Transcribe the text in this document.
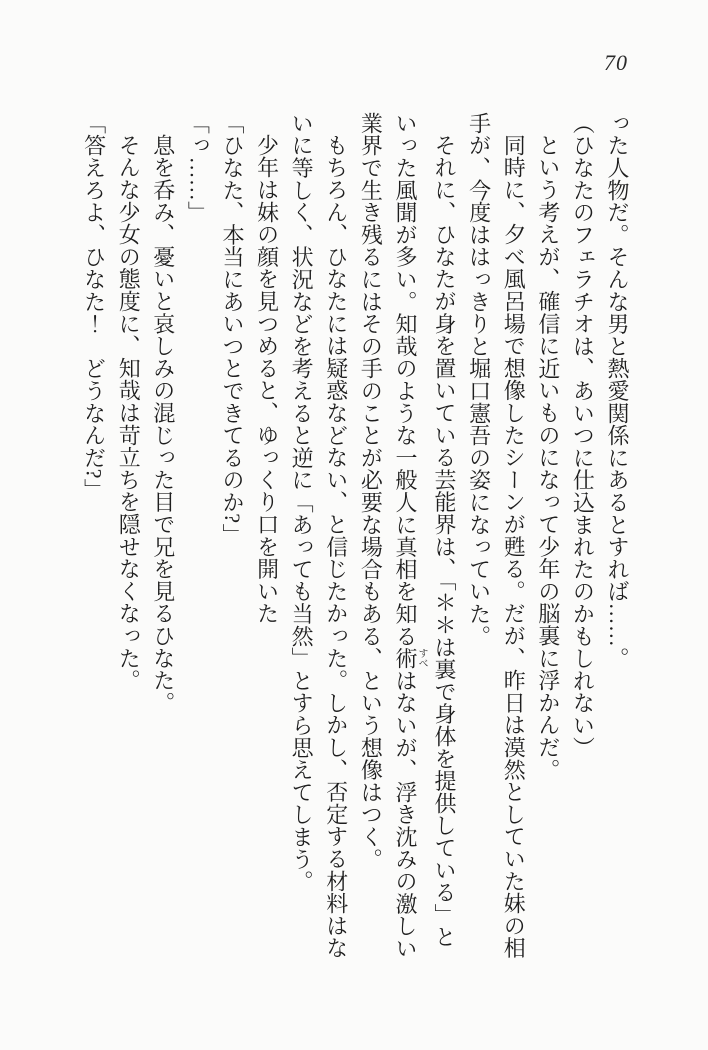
70

った人物だ。そんな男と熱愛関係にあるとすれば……。

（ひなたのフェラチオは、あいつに仕込まれたのかもしれない）

という考えが、確信に近いものになって少年の脳裏に浮かんだ。

同時に、夕べ風呂場で想像したシーンが甦る。だが、昨日は漠然としていた妹の相

手が、今度ははっきりと堀口憲吾の姿になっていた。

それに、ひなたが身を置いている芸能界は、「＊＊は裏で身体を提供している」と

いった風聞が多い。知哉のような一般人に真相を知る術すべはないが、浮き沈みの激しい

業界で生き残るにはその手のことが必要な場合もある、という想像はつく。

もちろん、ひなたには疑惑などない、と信じたかった。しかし、否定する材料はな

いに等しく、状況などを考えると逆に「あっても当然」とすら思えてしまう。

少年は妹の顔を見つめると、ゆっくり口を開いた

「ひなた、本当にあいつとできてるのか?」

「っ……」

息を呑み、憂いと哀しみの混じった目で兄を見るひなた。

そんな少女の態度に、知哉は苛立ちを隠せなくなった。

「答えろよ、ひなた！　どうなんだ?」
